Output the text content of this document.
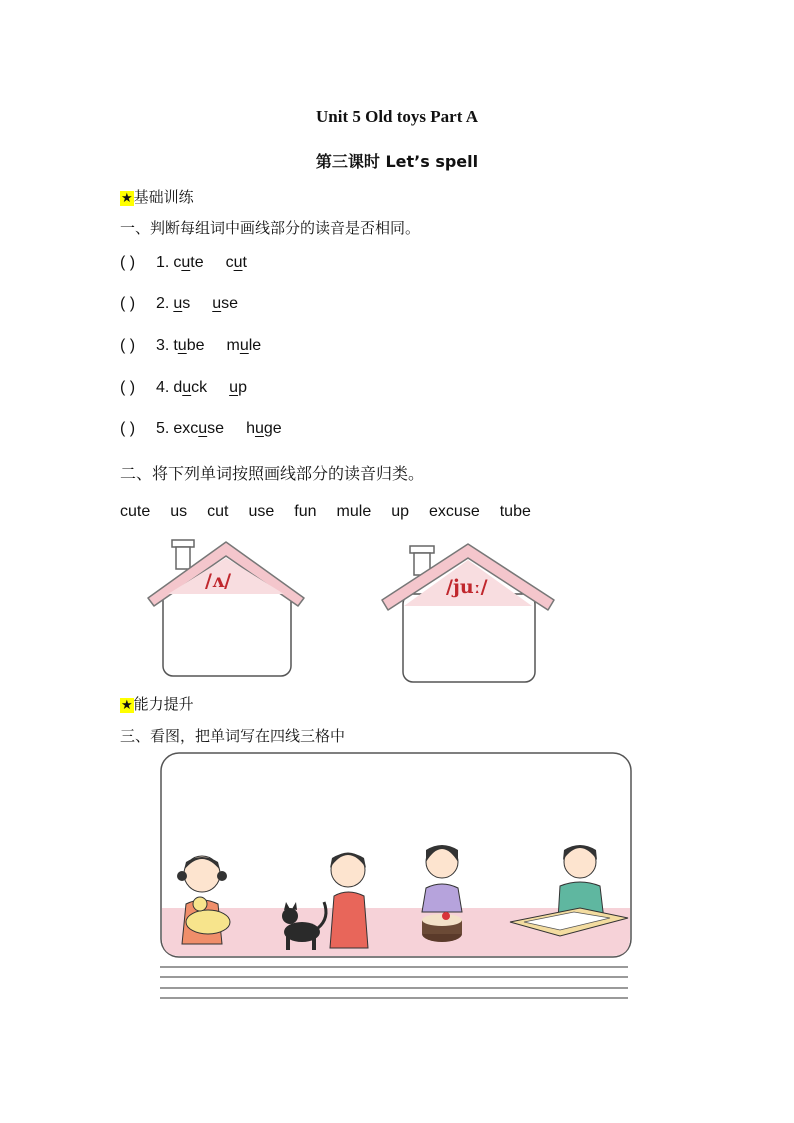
Unit 5 Old toys Part A
第三课时 Let’s spell
★基础训练
一、判断每组词中画线部分的读音是否相同。
( ) 1. cute cut
( ) 2. us use
( ) 3. tube mule
( ) 4. duck up
( ) 5. excuse huge
二、将下列单词按照画线部分的读音归类。
cute us cut use fun mule up excuse tube
/ʌ/	/juː/
★能力提升
三、看图，把单词写在四线三格中
